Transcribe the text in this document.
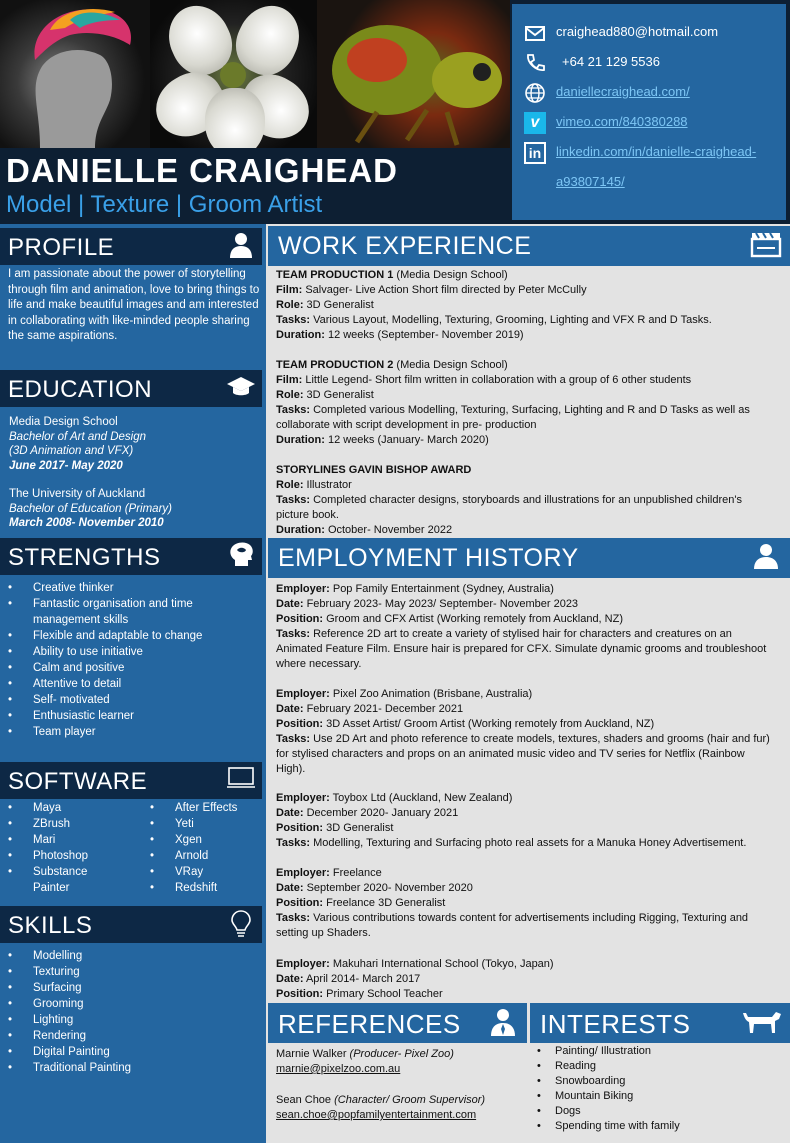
DANIELLE CRAIGHEAD
Model | Texture | Groom Artist
craighead880@hotmail.com
+64 21 129 5536
daniellecraighead.com/
v	vimeo.com/840380288
in	linkedin.com/in/danielle-craighead-
a93807145/
PROFILE
I am passionate about the power of storytelling through film and animation, love to bring things to life and make beautiful images and am interested in collaborating with like-minded people sharing the same aspirations.
EDUCATION
Media Design School
Bachelor of Art and Design
(3D Animation and VFX)
June 2017- May 2020
The University of Auckland
Bachelor of Education (Primary)
March 2008- November 2010
STRENGTHS
• Creative thinker
• Fantastic organisation and time management skills
• Flexible and adaptable to change
• Ability to use initiative
• Calm and positive
• Attentive to detail
• Self- motivated
• Enthusiastic learner
• Team player
SOFTWARE
• Maya
• ZBrush
• Mari
• Photoshop
• Substance Painter
• After Effects
• Yeti
• Xgen
• Arnold
• VRay
• Redshift
SKILLS
• Modelling
• Texturing
• Surfacing
• Grooming
• Lighting
• Rendering
• Digital Painting
• Traditional Painting
WORK EXPERIENCE
TEAM PRODUCTION 1 (Media Design School)
Film: Salvager- Live Action Short film directed by Peter McCully
Role: 3D Generalist
Tasks: Various Layout, Modelling, Texturing, Grooming, Lighting and VFX R and D Tasks.
Duration: 12 weeks (September- November 2019)
TEAM PRODUCTION 2 (Media Design School)
Film: Little Legend- Short film written in collaboration with a group of 6 other students
Role: 3D Generalist
Tasks: Completed various Modelling, Texturing, Surfacing, Lighting and R and D Tasks as well as collaborate with script development in pre- production
Duration: 12 weeks (January- March 2020)
STORYLINES GAVIN BISHOP AWARD
Role: Illustrator
Tasks: Completed character designs, storyboards and illustrations for an unpublished children's picture book.
Duration: October- November 2022
EMPLOYMENT HISTORY
Employer: Pop Family Entertainment (Sydney, Australia)
Date: February 2023- May 2023/ September- November 2023
Position: Groom and CFX Artist (Working remotely from Auckland, NZ)
Tasks: Reference 2D art to create a variety of stylised hair for characters and creatures on an Animated Feature Film. Ensure hair is prepared for CFX. Simulate dynamic grooms and troubleshoot where necessary.
Employer: Pixel Zoo Animation (Brisbane, Australia)
Date: February 2021- December 2021
Position: 3D Asset Artist/ Groom Artist (Working remotely from Auckland, NZ)
Tasks: Use 2D Art and photo reference to create models, textures, shaders and grooms (hair and fur) for stylised characters and props on an animated music video and TV series for Netflix (Rainbow High).
Employer: Toybox Ltd (Auckland, New Zealand)
Date: December 2020- January 2021
Position: 3D Generalist
Tasks: Modelling, Texturing and Surfacing photo real assets for a Manuka Honey Advertisement.
Employer: Freelance
Date: September 2020- November 2020
Position: Freelance 3D Generalist
Tasks: Various contributions towards content for advertisements including Rigging, Texturing and setting up Shaders.
Employer: Makuhari International School (Tokyo, Japan)
Date: April 2014- March 2017
Position: Primary School Teacher
REFERENCES
Marnie Walker (Producer- Pixel Zoo)
marnie@pixelzoo.com.au
Sean Choe (Character/ Groom Supervisor)
sean.choe@popfamilyentertainment.com
INTERESTS
• Painting/ Illustration
• Reading
• Snowboarding
• Mountain Biking
• Dogs
• Spending time with family
